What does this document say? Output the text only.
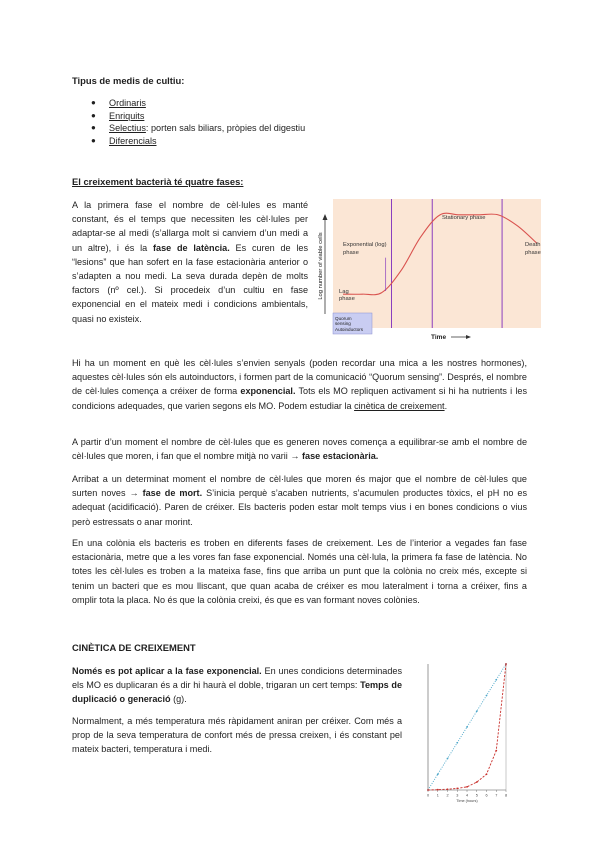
Tipus de medis de cultiu:
● Ordinaris
● Enriquits
● Selectius: porten sals biliars, pròpies del digestiu
● Diferencials
El creixement bacterià té quatre fases:

A la primera fase el nombre de cèl·lules es manté constant, és el temps que necessiten les cèl·lules per adaptar-se al medi (s’allarga molt si canviem d’un medi a un altre), i és la fase de latència. Es curen de les “lesions” que han sofert en la fase estacionària anterior o s’adapten a nou medi. La seva durada depèn de molts factors (nº cel.). Si procedeix d’un cultiu en fase exponencial en el mateix medi i condicions ambientals, quasi no existeix.

Log number of viable cells
Time
Quorum
sensing
Autoinductors
Lag
phase
Exponential (log)
phase
Stationary phase
Death
phase

Hi ha un moment en què les cèl·lules s’envien senyals (poden recordar una mica a les nostres hormones), aquestes cèl·lules són els autoinductors, i formen part de la comunicació “Quorum sensing”. Després, el nombre de cèl·lules comença a créixer de forma exponencial. Tots els MO repliquen activament si hi ha nutrients i les condicions adequades, que varien segons els MO. Podem estudiar la cinètica de creixement.

A partir d’un moment el nombre de cèl·lules que es generen noves comença a equilibrar-se amb el nombre de cèl·lules que moren, i fan que el nombre mitjà no varii → fase estacionària.

Arribat a un determinat moment el nombre de cèl·lules que moren és major que el nombre de cèl·lules que surten noves → fase de mort. S’inicia perquè s’acaben nutrients, s’acumulen productes tòxics, el pH no es adequat (acidificació). Paren de créixer. Els bacteris poden estar molt temps vius i en bones condicions o vius però estressats o anar morint.

En una colònia els bacteris es troben en diferents fases de creixement. Les de l’interior a vegades fan fase estacionària, metre que a les vores fan fase exponencial. Només una cèl·lula, la primera fa fase de latència. No totes les cèl·lules es troben a la mateixa fase, fins que arriba un punt que la colònia no creix més, excepte si tenim un bacteri que es mou lliscant, que quan acaba de créixer es mou lateralment i torna a créixer, fins a omplir tota la placa. No és que la colònia creixi, és que es van formant noves colònies.

CINÈTICA DE CREIXEMENT

Només es pot aplicar a la fase exponencial. En unes condicions determinades els MO es duplicaran és a dir hi haurà el doble, trigaran un cert temps: Temps de duplicació o generació (g).

Normalment, a més temperatura més ràpidament aniran per créixer. Com més a prop de la seva temperatura de confort més de pressa creixen, i és constant pel mateix bacteri, temperatura i medi.

0 1 2 3 4 5 6 7 8
Time (hours)
